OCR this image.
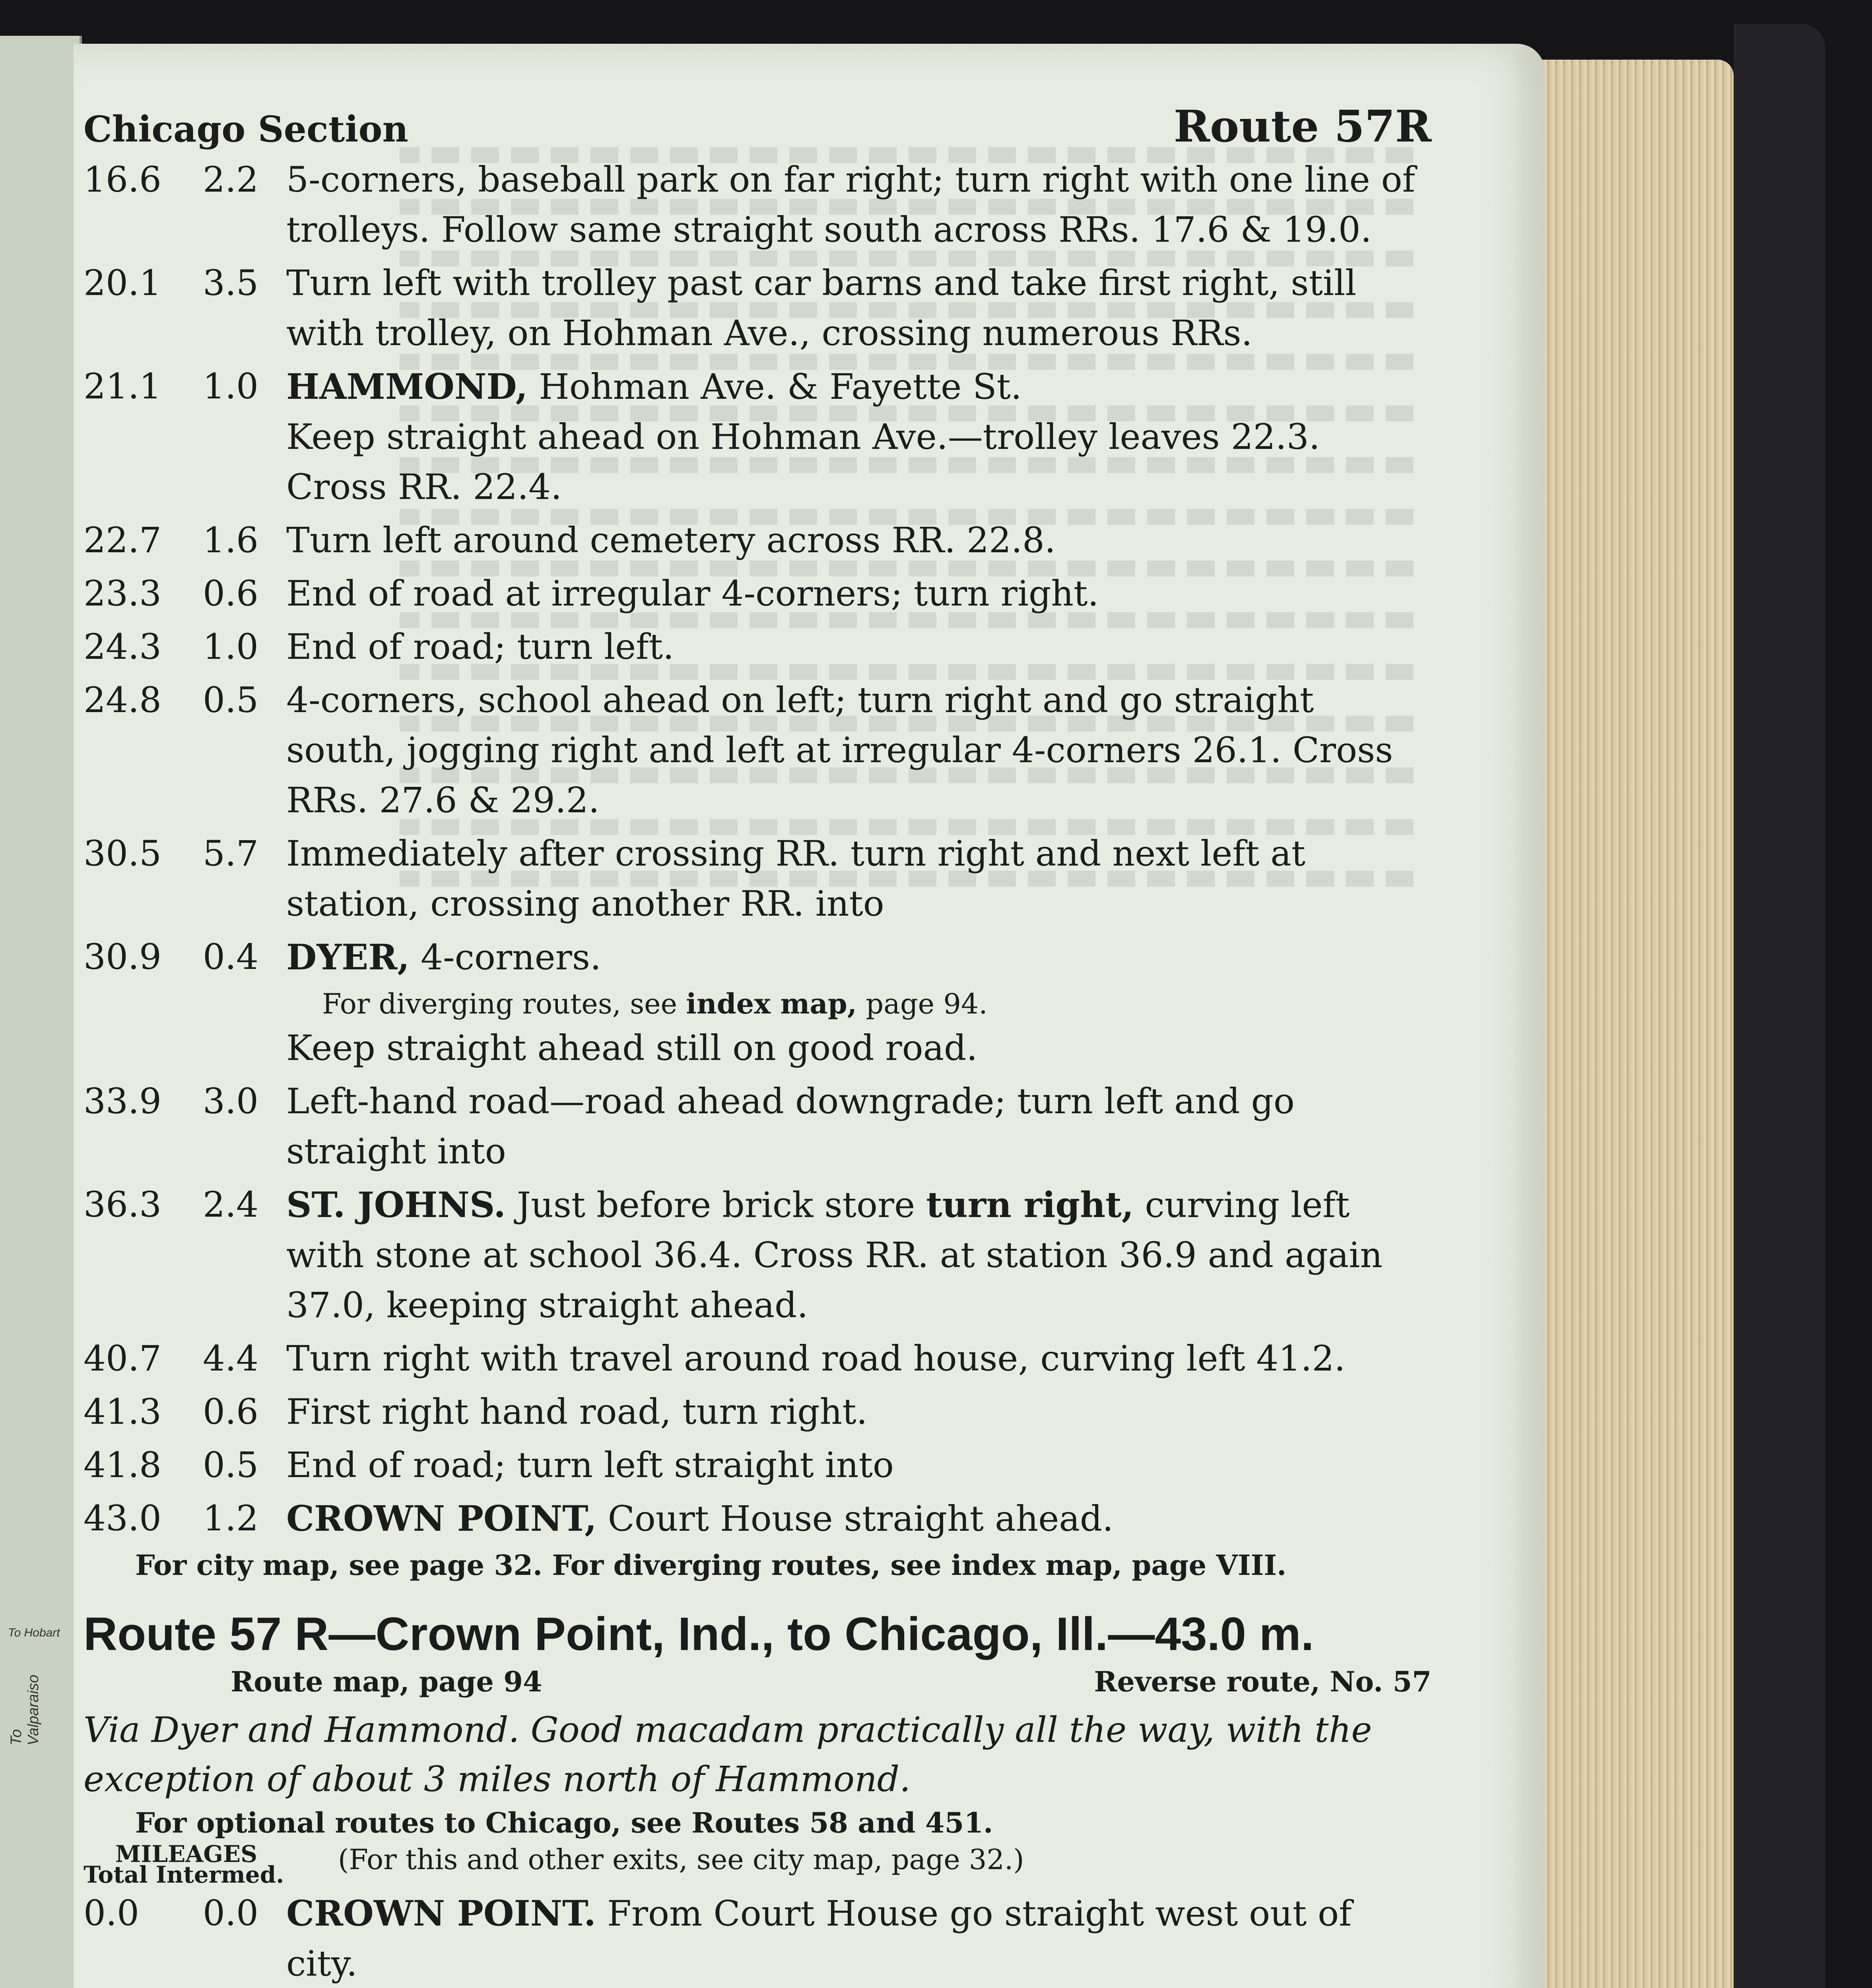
To Valparaiso
To Hobart
Chicago Section	Route 57R
16.6	2.2 5-corners, baseball park on far right; turn right with one line of trolleys. Follow same straight south across RRs. 17.6 & 19.0.
20.1	3.5 Turn left with trolley past car barns and take first right, still with trolley, on Hohman Ave., crossing numerous RRs.
21.1	1.0 HAMMOND, Hohman Ave. & Fayette St.
Keep straight ahead on Hohman Ave.—trolley leaves 22.3. Cross RR. 22.4.
22.7	1.6 Turn left around cemetery across RR. 22.8.
23.3	0.6 End of road at irregular 4-corners; turn right.
24.3	1.0 End of road; turn left.
24.8	0.5 4-corners, school ahead on left; turn right and go straight south, jogging right and left at irregular 4-corners 26.1. Cross RRs. 27.6 & 29.2.
30.5	5.7 Immediately after crossing RR. turn right and next left at station, crossing another RR. into
30.9	0.4 DYER, 4-corners.
For diverging routes, see index map, page 94.
Keep straight ahead still on good road.
33.9	3.0 Left-hand road—road ahead downgrade; turn left and go straight into
36.3	2.4 ST. JOHNS. Just before brick store turn right, curving left with stone at school 36.4. Cross RR. at station 36.9 and again 37.0, keeping straight ahead.
40.7	4.4 Turn right with travel around road house, curving left 41.2.
41.3	0.6 First right hand road, turn right.
41.8	0.5 End of road; turn left straight into
43.0	1.2 CROWN POINT, Court House straight ahead.
For city map, see page 32. For diverging routes, see index map, page VIII.
Route 57 R—Crown Point, Ind., to Chicago, Ill.—43.0 m.
Route map, page 94	Reverse route, No. 57
Via Dyer and Hammond. Good macadam practically all the way, with the exception of about 3 miles north of Hammond.
For optional routes to Chicago, see Routes 58 and 451.
MILEAGES
Total Intermed.	(For this and other exits, see city map, page 32.)
0.0	0.0 CROWN POINT. From Court House go straight west out of city.
